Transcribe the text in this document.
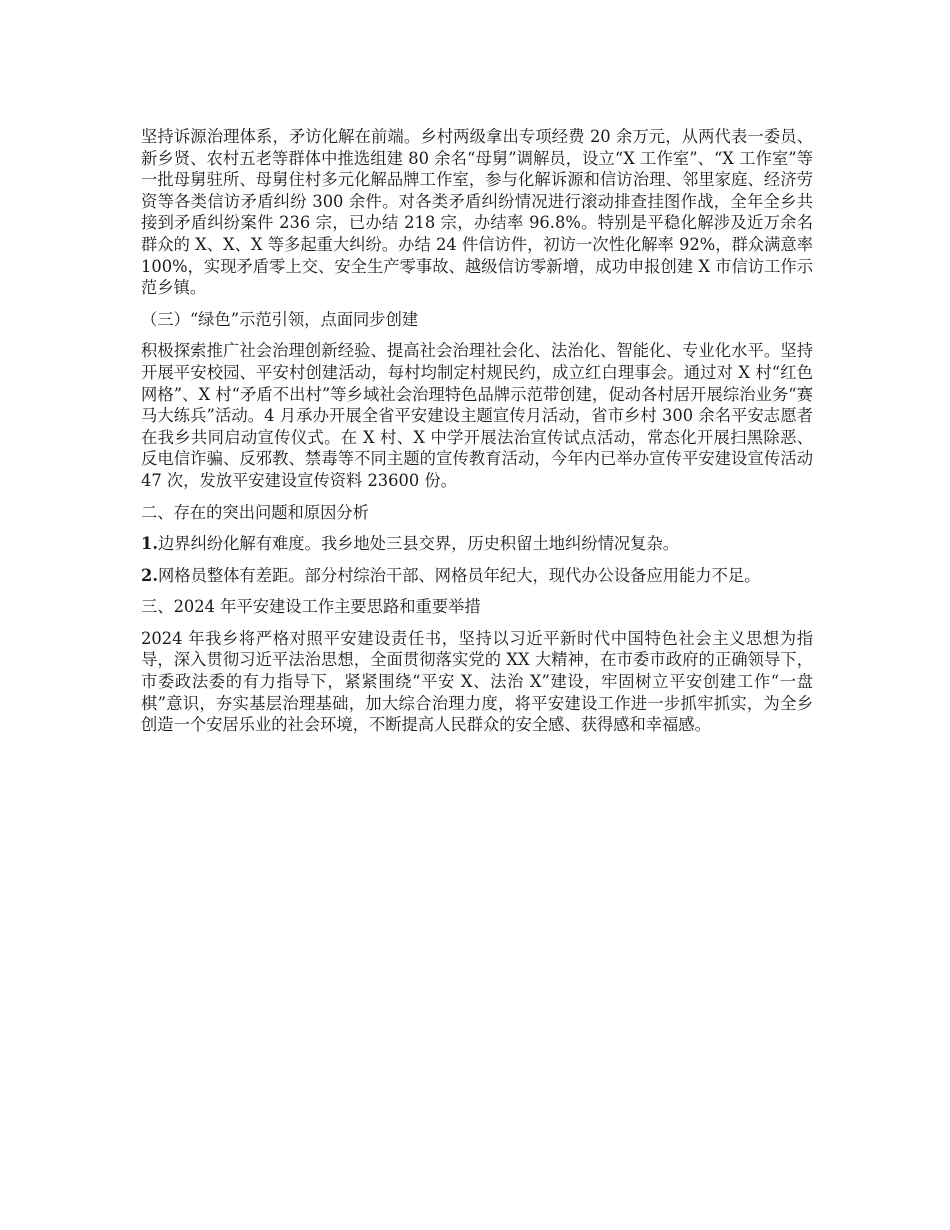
坚持诉源治理体系，矛访化解在前端。乡村两级拿出专项经费 20 余万元，从两代表一委员、新乡贤、农村五老等群体中推选组建 80 余名“母舅”调解员，设立“X 工作室”、“X 工作室”等一批母舅驻所、母舅住村多元化解品牌工作室，参与化解诉源和信访治理、邻里家庭、经济劳资等各类信访矛盾纠纷 300 余件。对各类矛盾纠纷情况进行滚动排查挂图作战，全年全乡共接到矛盾纠纷案件 236 宗，已办结 218 宗，办结率 96.8%。特别是平稳化解涉及近万余名群众的 X、X、X 等多起重大纠纷。办结 24 件信访件，初访一次性化解率 92%，群众满意率 100%，实现矛盾零上交、安全生产零事故、越级信访零新增，成功申报创建 X 市信访工作示范乡镇。

（三）“绿色”示范引领，点面同步创建

积极探索推广社会治理创新经验、提高社会治理社会化、法治化、智能化、专业化水平。坚持开展平安校园、平安村创建活动，每村均制定村规民约，成立红白理事会。通过对 X 村“红色网格”、X 村“矛盾不出村”等乡域社会治理特色品牌示范带创建，促动各村居开展综治业务“赛马大练兵”活动。4 月承办开展全省平安建设主题宣传月活动，省市乡村 300 余名平安志愿者在我乡共同启动宣传仪式。在 X 村、X 中学开展法治宣传试点活动，常态化开展扫黑除恶、反电信诈骗、反邪教、禁毒等不同主题的宣传教育活动，今年内已举办宣传平安建设宣传活动 47 次，发放平安建设宣传资料 23600 份。

二、存在的突出问题和原因分析

1.边界纠纷化解有难度。我乡地处三县交界，历史积留土地纠纷情况复杂。

2.网格员整体有差距。部分村综治干部、网格员年纪大，现代办公设备应用能力不足。

三、2024 年平安建设工作主要思路和重要举措

2024 年我乡将严格对照平安建设责任书，坚持以习近平新时代中国特色社会主义思想为指导，深入贯彻习近平法治思想，全面贯彻落实党的 XX 大精神，在市委市政府的正确领导下，市委政法委的有力指导下，紧紧围绕“平安 X、法治 X”建设，牢固树立平安创建工作“一盘棋”意识，夯实基层治理基础，加大综合治理力度，将平安建设工作进一步抓牢抓实，为全乡创造一个安居乐业的社会环境，不断提高人民群众的安全感、获得感和幸福感。
